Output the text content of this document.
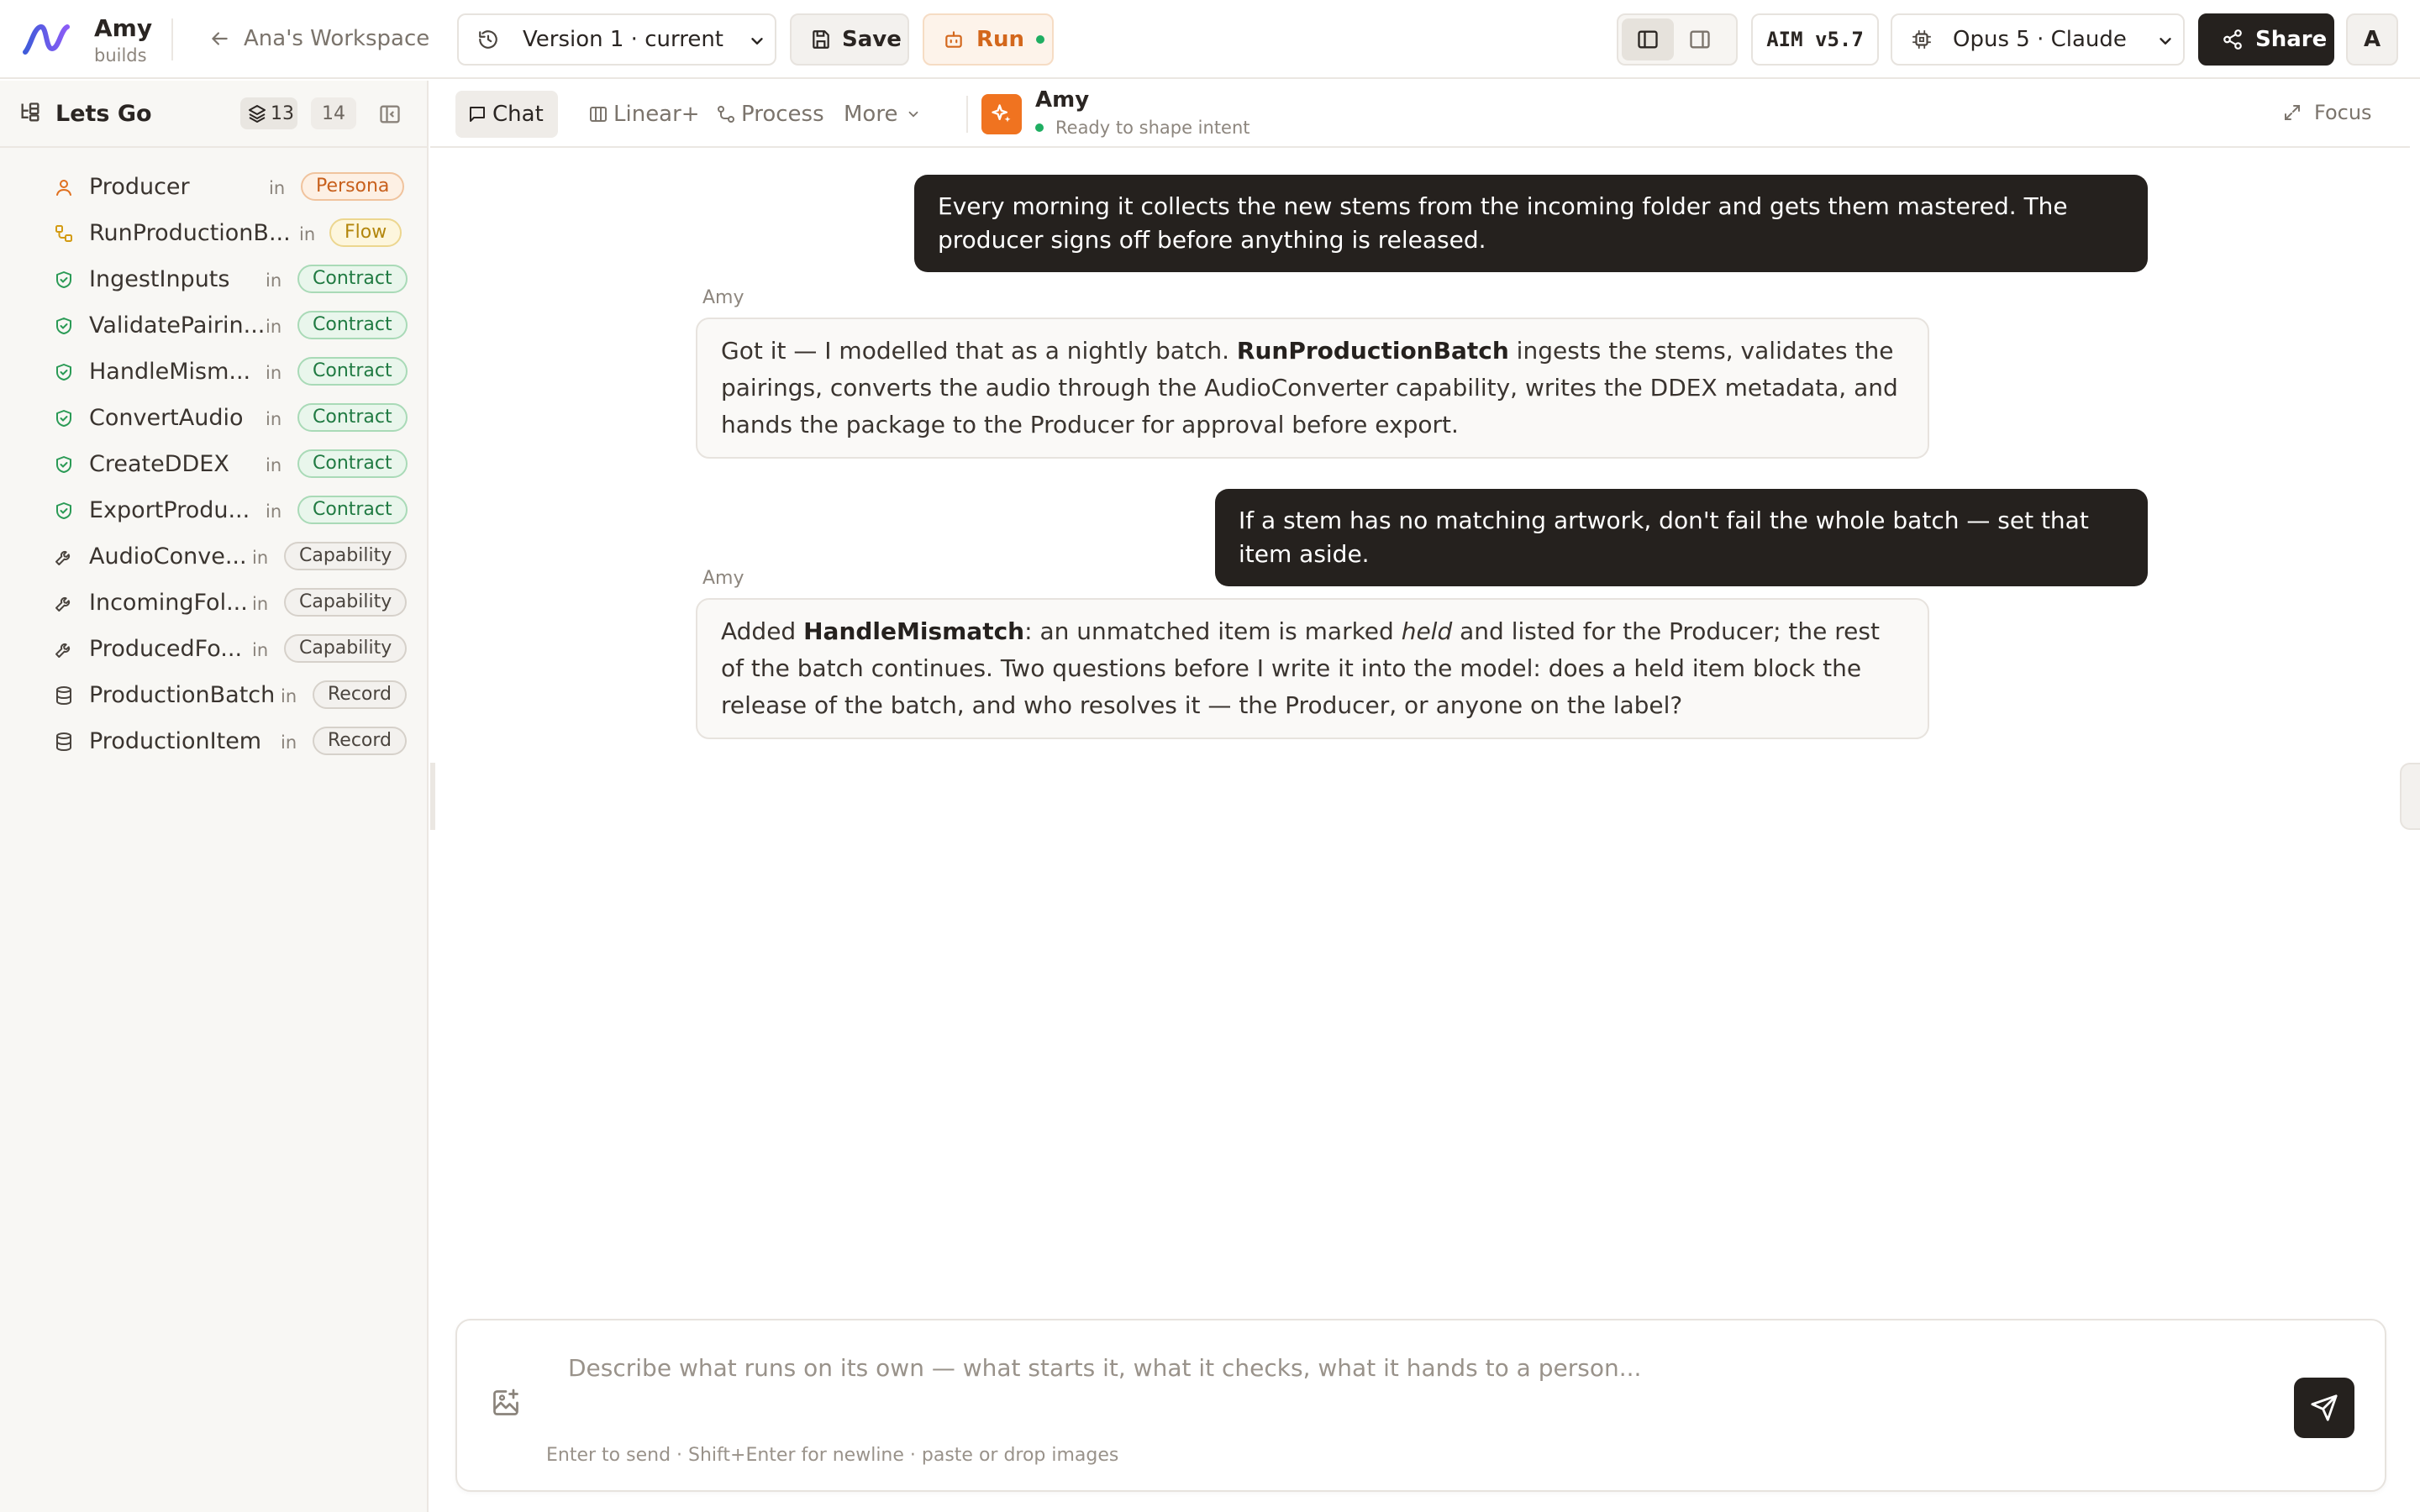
Amy
builds
Ana's Workspace	Version 1 · current	Save	Run	AIM v5.7	Opus 5 · Claude	Share	A
Lets Go	13	14
Producer	in	Persona
RunProductionB... in	Flow
IngestInputs in	Contract
ValidatePairin... in	Contract
HandleMism... in	Contract
ConvertAudio in	Contract
CreateDDEX in	Contract
ExportProdu... in	Contract
AudioConve... in	Capability
IncomingFol... in	Capability
ProducedFo... in	Capability
ProductionBatch in	Record
ProductionItem in	Record
Chat	Linear+ Process More
Amy
Ready to shape intent
Focus
Every morning it collects the new stems from the incoming folder and gets them mastered. The producer signs off before anything is released.
Amy
Got it — I modelled that as a nightly batch. RunProductionBatch ingests the stems, validates the pairings, converts the audio through the AudioConverter capability, writes the DDEX metadata, and hands the package to the Producer for approval before export.
If a stem has no matching artwork, don't fail the whole batch — set that item aside.
Amy
Added HandleMismatch: an unmatched item is marked held and listed for the Producer; the rest of the batch continues. Two questions before I write it into the model: does a held item block the release of the batch, and who resolves it — the Producer, or anyone on the label?
Describe what runs on its own — what starts it, what it checks, what it hands to a person...
Enter to send · Shift+Enter for newline · paste or drop images
